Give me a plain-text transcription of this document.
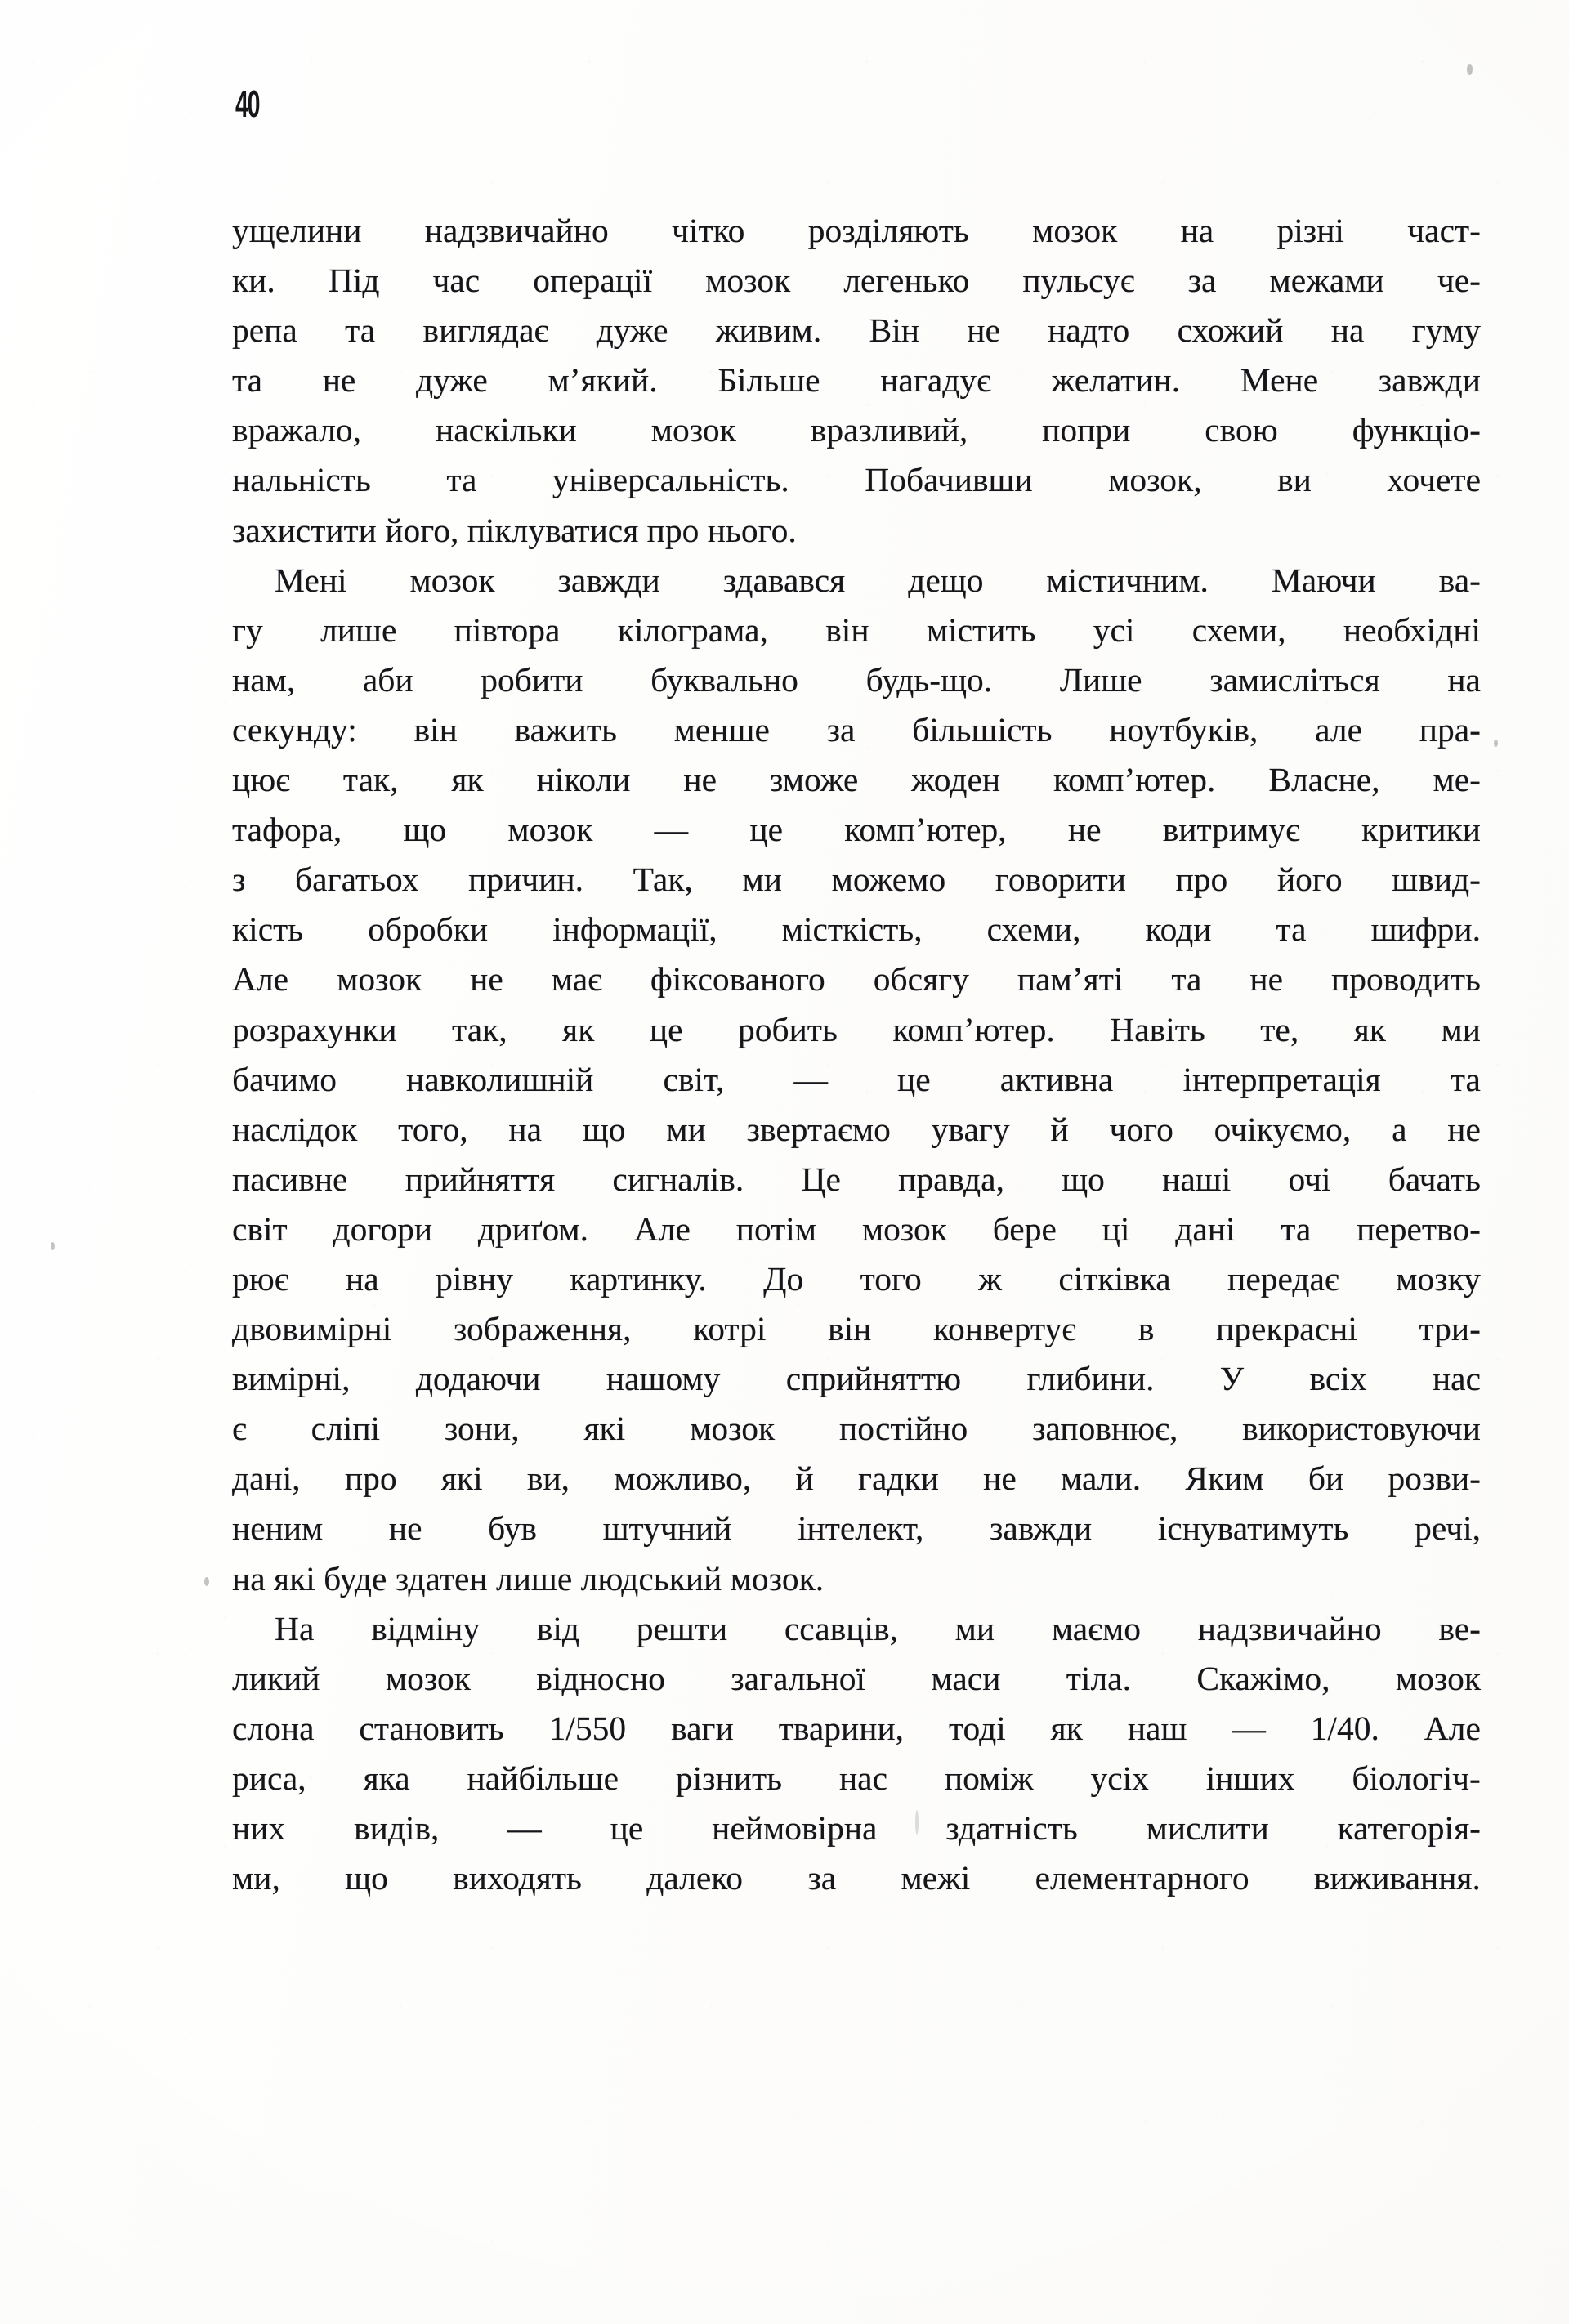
40

ущелини надзвичайно чітко розділяють мозок на різні част-
ки. Під час операції мозок легенько пульсує за межами че-
репа та виглядає дуже живим. Він не надто схожий на гуму
та не дуже м’який. Більше нагадує желатин. Мене завжди
вражало, наскільки мозок вразливий, попри свою функціо-
нальність та універсальність. Побачивши мозок, ви хочете
захистити його, піклуватися про нього.

Мені мозок завжди здавався дещо містичним. Маючи ва-
гу лише півтора кілограма, він містить усі схеми, необхідні
нам, аби робити буквально будь-що. Лише замисліться на
секунду: він важить менше за більшість ноутбуків, але пра-
цює так, як ніколи не зможе жоден комп’ютер. Власне, ме-
тафора, що мозок — це комп’ютер, не витримує критики
з багатьох причин. Так, ми можемо говорити про його швид-
кість обробки інформації, місткість, схеми, коди та шифри.
Але мозок не має фіксованого обсягу пам’яті та не проводить
розрахунки так, як це робить комп’ютер. Навіть те, як ми
бачимо навколишній світ, — це активна інтерпретація та
наслідок того, на що ми звертаємо увагу й чого очікуємо, а не
пасивне прийняття сигналів. Це правда, що наші очі бачать
світ догори дриґом. Але потім мозок бере ці дані та перетво-
рює на рівну картинку. До того ж сітківка передає мозку
двовимірні зображення, котрі він конвертує в прекрасні три-
вимірні, додаючи нашому сприйняттю глибини. У всіх нас
є сліпі зони, які мозок постійно заповнює, використовуючи
дані, про які ви, можливо, й гадки не мали. Яким би розви-
неним не був штучний інтелект, завжди існуватимуть речі,
на які буде здатен лише людський мозок.

На відміну від решти ссавців, ми маємо надзвичайно ве-
ликий мозок відносно загальної маси тіла. Скажімо, мозок
слона становить 1/550 ваги тварини, тоді як наш — 1/40. Але
риса, яка найбільше різнить нас поміж усіх інших біологіч-
них видів, — це неймовірна здатність мислити категорія-
ми, що виходять далеко за межі елементарного виживання.
